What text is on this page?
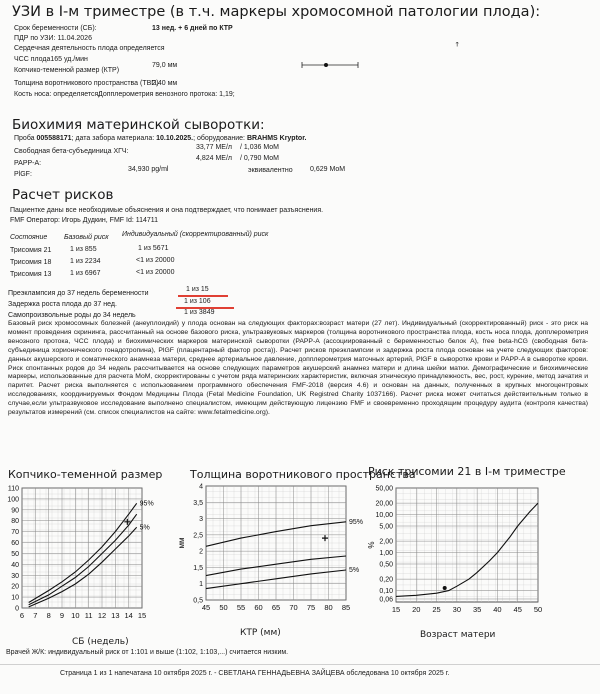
УЗИ в I-м триместре (в т.ч. маркеры хромосомной патологии плода):
ꜛ
Срок беременности (СБ):	13 нед. + 6 дней по КТР
ПДР по УЗИ: 11.04.2026
Сердечная деятельность плода определяется
ЧСС плода165 уд./мин
79,0 мм
Копчико-теменной размер (КТР)
Толщина воротникового пространства (ТВП)
2,40 мм
Кость носа: определяется;
Допплерометрия венозного протока: 1,19;
Биохимия материнской сыворотки:
Проба 005588171; дата забора материала: 10.10.2025.; оборудование: BRAHMS Kryptor.
Свободная бета-субъединица ХГЧ:
33,77 МЕ/л / 1,036 МоМ
PAPP-A:
4,824 МЕ/л / 0,790 МоМ
PlGF:
34,930 pg/ml	эквивалентно 0,629 МоМ
Расчет рисков
Пациентке даны все необходимые объяснения и она подтверждает, что понимает разъяснения.
FMF Оператор: Игорь Дудкин, FMF Id: 114711
Состояние Базовый риск Индивидуальный (скорректированный) риск
Трисомия 21	1 из 855	1 из 5671
Трисомия 18	1 из 2234	<1 из 20000
Трисомия 13	1 из 6967	<1 из 20000
Преэклампсия до 37 недель беременности
1 из 15
Задержка роста плода до 37 нед.	1 из 106
Самопроизвольные роды до 34 недель	1 из 3849
Базовый риск хромосомных болезней (анеуплоидий) у плода основан на следующих факторах:возраст матери (27 лет). Индивидуальный (скорректированный) риск - это риск на момент проведения скрининга, рассчитанный на основе базового риска, ультразвуковых маркеров (толщина воротникового пространства плода, кость носа плода, допплерометрия венозного протока, ЧСС плода) и биохимических маркеров материнской сыворотки (PAPP-A (ассоциированный с беременностью белок А), free beta-hCG (свободная бета-субъединица хорионического гонадотропина), PlGF (плацентарный фактор роста)). Расчет рисков преэклампсии и задержка роста плода основан на учете следующих факторов: данных акушерского и соматического анамнеза матери, среднее артериальное давление, допплерометрия маточных артерий, PlGF в сыворотке крови и PAPP-A в сыворотке крови. Риск спонтанных родов до 34 недель рассчитывается на основе следующих параметров акушерский анамнез матери и длина шейки матки. Демографические и биохимические маркеры, использованные для расчета МоМ, скорректированы с учетом ряда материнских характеристик, включая этническую принадлежность, вес, рост, курение, метод зачатия и паритет. Расчет риска выполняется с использованием программного обеспечения FMF-2018 (версия 4.6) и основан на данных, полученных в крупных многоцентровых исследованиях, координируемых Фондом Медицины Плода (Fetal Medicine Foundation, UK Registred Charity 1037166). Расчет риска может считаться действительным только в случае,если ультразвуковое исследование выполнено специалистом, имеющим действующую лицензию FMF и своевременно проходящим процедуру аудита (контроля качества) результатов измерений (см. список специалистов на сайте: www.fetalmedicine.org).
Копчико-теменной размер	Толщина воротникового пространства
Риск трисомии 21 в I-м триместре
6 7 8 9 10 11 12 13 14 15
0
10
20
30
40
50
60
70
80
90
100
110
95%
5%
45 50 55 60 65 70 75 80 85
0,5
1
1,5
2
2,5
3
3,5
4
95%
5%
мм
15 20 25 30 35 40 45 50
0,06
0,10
0,20
0,50
1,00
2,00
5,00
10,00
20,00
50,00
%
СБ (недель)
КТР (мм)	Возраст матери
Врачей Ж/К: индивидуальный риск от 1:101 и выше (1:102, 1:103,...) считается низким.
Страница 1 из 1 напечатана 10 октября 2025 г. - СВЕТЛАНА ГЕННАДЬЕВНА ЗАЙЦЕВА обследована 10 октября 2025 г.
